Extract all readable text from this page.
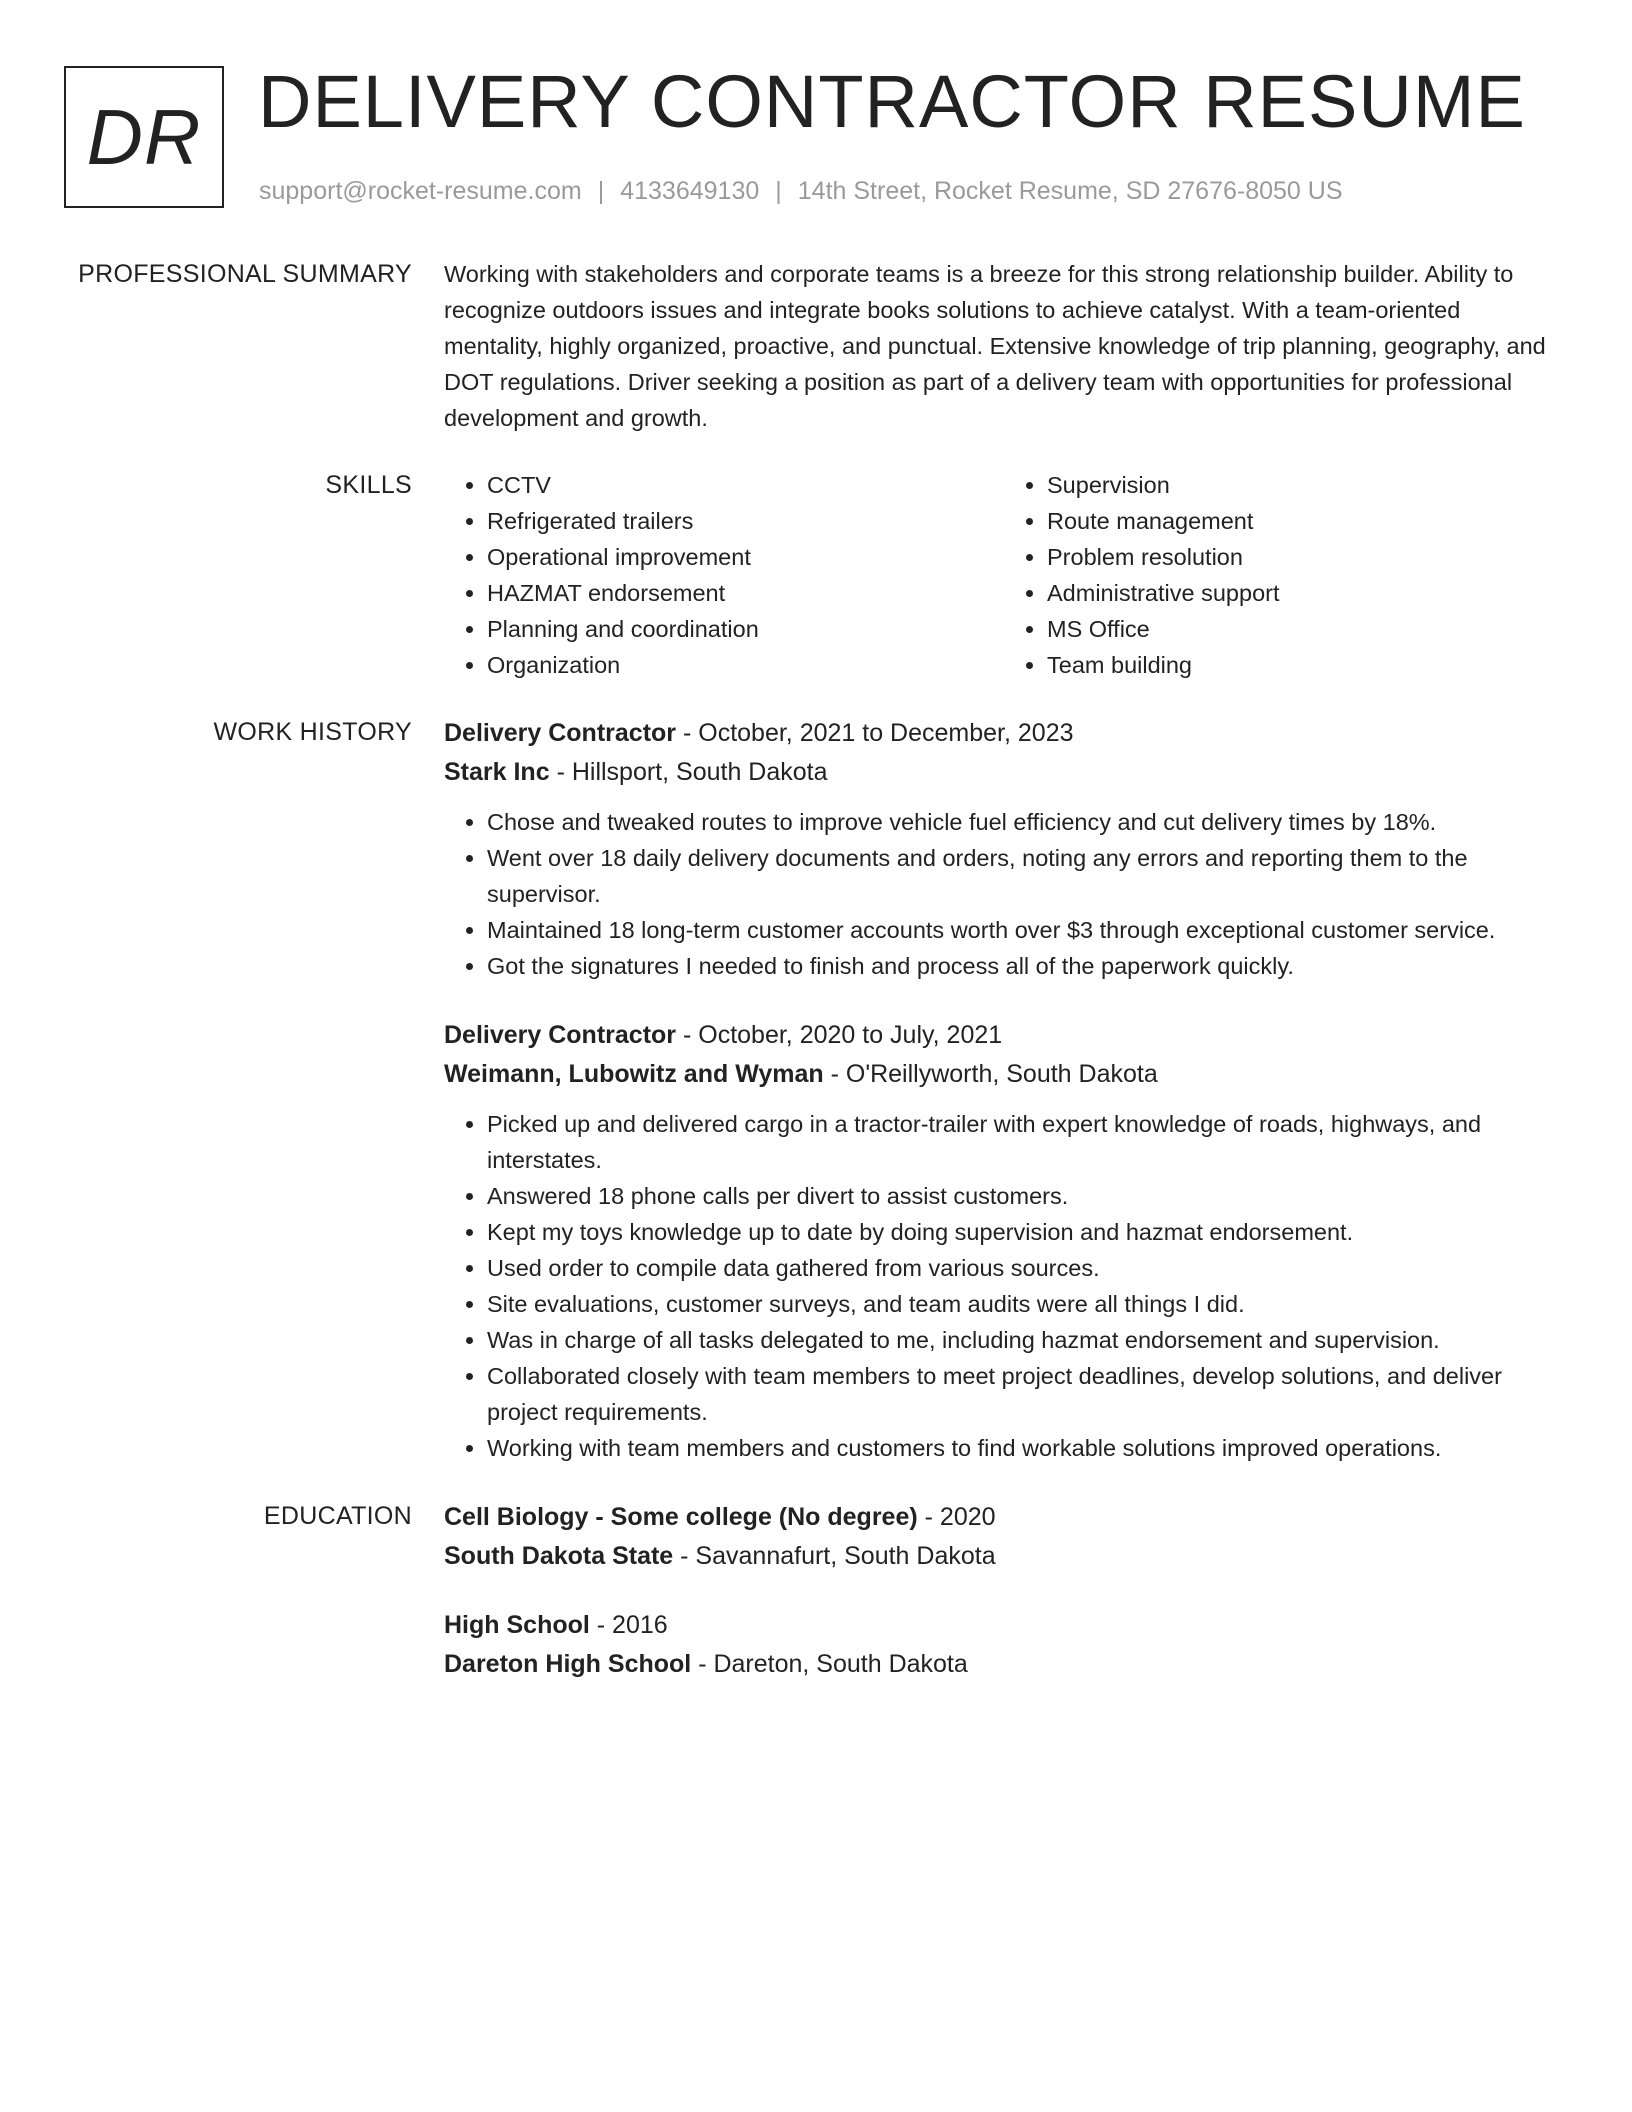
DR DELIVERY CONTRACTOR RESUME
support@rocket-resume.com | 4133649130 | 14th Street, Rocket Resume, SD 27676-8050 US
PROFESSIONAL SUMMARY Working with stakeholders and corporate teams is a breeze for this strong relationship builder. Ability to recognize outdoors issues and integrate books solutions to achieve catalyst. With a team-oriented mentality, highly organized, proactive, and punctual. Extensive knowledge of trip planning, geography, and DOT regulations. Driver seeking a position as part of a delivery team with opportunities for professional development and growth.

SKILLS
•	CCTV
• Refrigerated trailers
• Operational improvement
• HAZMAT endorsement
• Planning and coordination
• Organization
• Supervision
• Route management
• Problem resolution
• Administrative support
• MS Office
• Team building
WORK HISTORY Delivery Contractor - October, 2021 to December, 2023
Stark Inc - Hillsport, South Dakota
• Chose and tweaked routes to improve vehicle fuel efficiency and cut delivery times by 18%.
• Went over 18 daily delivery documents and orders, noting any errors and reporting them to the supervisor.
• Maintained 18 long-term customer accounts worth over $3 through exceptional customer service.
• Got the signatures I needed to finish and process all of the paperwork quickly.
Delivery Contractor - October, 2020 to July, 2021
Weimann, Lubowitz and Wyman - O'Reillyworth, South Dakota
• Picked up and delivered cargo in a tractor-trailer with expert knowledge of roads, highways, and interstates.
• Answered 18 phone calls per divert to assist customers.
• Kept my toys knowledge up to date by doing supervision and hazmat endorsement.
• Used order to compile data gathered from various sources.
• Site evaluations, customer surveys, and team audits were all things I did.
• Was in charge of all tasks delegated to me, including hazmat endorsement and supervision.
• Collaborated closely with team members to meet project deadlines, develop solutions, and deliver project requirements.
• Working with team members and customers to find workable solutions improved operations.
EDUCATION Cell Biology - Some college (No degree) - 2020
South Dakota State - Savannafurt, South Dakota
High School - 2016
Dareton High School - Dareton, South Dakota
